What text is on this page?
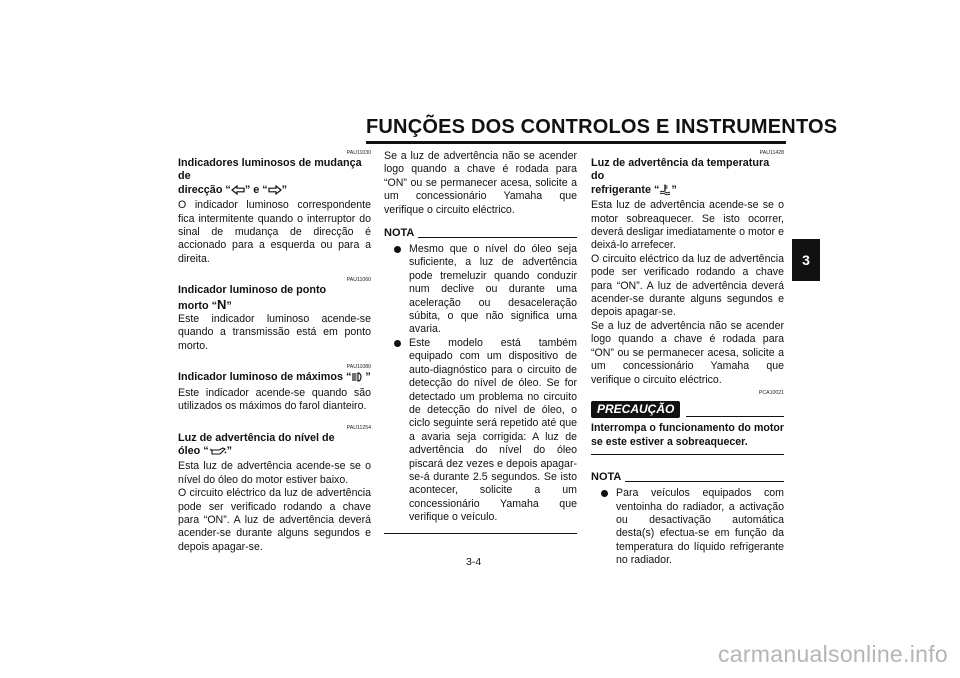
FUNÇÕES DOS CONTROLOS E INSTRUMENTOS
3
PAU11030
Indicadores luminosos de mudança de
direcção “ ” e “ ”

O indicador luminoso correspondente fica intermitente quando o interruptor do sinal de mudança de direcção é accionado para a esquerda ou para a direita.

PAU11060
Indicador luminoso de ponto
morto “N”

Este indicador luminoso acende-se quando a transmissão está em ponto morto.

PAU11080
Indicador luminoso de máximos “ ”

Este indicador acende-se quando são utilizados os máximos do farol dianteiro.

PAU11254
Luz de advertência do nível de
óleo “ ”

Esta luz de advertência acende-se se o nível do óleo do motor estiver baixo.

O circuito eléctrico da luz de advertência pode ser verificado rodando a chave para “ON”. A luz de advertência deverá acender-se durante alguns segundos e depois apagar-se.

Se a luz de advertência não se acender logo quando a chave é rodada para “ON” ou se permanecer acesa, solicite a um concessionário Yamaha que verifique o circuito eléctrico.

NOTA
Mesmo que o nível do óleo seja suficiente, a luz de advertência pode tremeluzir quando conduzir num declive ou durante uma aceleração ou desaceleração súbita, o que não significa uma avaria.
Este modelo está também equipado com um dispositivo de auto-diagnóstico para o circuito de detecção do nível de óleo. Se for detectado um problema no circuito de detecção do nível de óleo, o ciclo seguinte será repetido até que a avaria seja corrigida: A luz de advertência do nível do óleo piscará dez vezes e depois apagar-se-á durante 2.5 segundos. Se isto acontecer, solicite a um concessionário Yamaha que verifique o veículo.
PAU11428
Luz de advertência da temperatura do
refrigerante “ ”

Esta luz de advertência acende-se se o motor sobreaquecer. Se isto ocorrer, deverá desligar imediatamente o motor e deixá-lo arrefecer.

O circuito eléctrico da luz de advertência pode ser verificado rodando a chave para “ON”. A luz de advertência deverá acender-se durante alguns segundos e depois apagar-se.

Se a luz de advertência não se acender logo quando a chave é rodada para “ON” ou se permanecer acesa, solicite a um concessionário Yamaha que verifique o circuito eléctrico.

PCA10021
PRECAUÇÃO

Interrompa o funcionamento do motor se este estiver a sobreaquecer.

NOTA
Para veículos equipados com ventoinha do radiador, a activação ou desactivação automática desta(s) efectua-se em função da temperatura do líquido refrigerante no radiador.
3-4
carmanualsonline.info
